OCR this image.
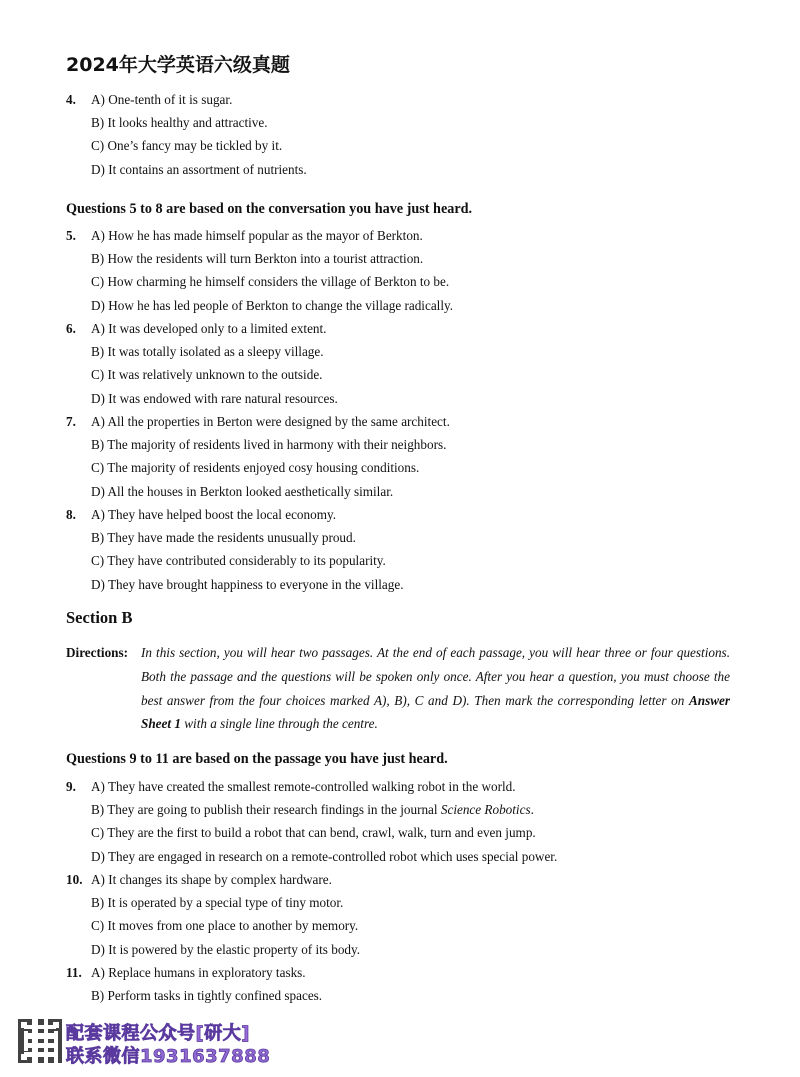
2024年大学英语六级真题
4. A) One-tenth of it is sugar.
B) It looks healthy and attractive.
C) One’s fancy may be tickled by it.
D) It contains an assortment of nutrients.
Questions 5 to 8 are based on the conversation you have just heard.
5. A) How he has made himself popular as the mayor of Berkton.
B) How the residents will turn Berkton into a tourist attraction.
C) How charming he himself considers the village of Berkton to be.
D) How he has led people of Berkton to change the village radically.
6. A) It was developed only to a limited extent.
B) It was totally isolated as a sleepy village.
C) It was relatively unknown to the outside.
D) It was endowed with rare natural resources.
7. A) All the properties in Berton were designed by the same architect.
B) The majority of residents lived in harmony with their neighbors.
C) The majority of residents enjoyed cosy housing conditions.
D) All the houses in Berkton looked aesthetically similar.
8. A) They have helped boost the local economy.
B) They have made the residents unusually proud.
C) They have contributed considerably to its popularity.
D) They have brought happiness to everyone in the village.
Section B
Directions: In this section, you will hear two passages. At the end of each passage, you will hear three or four questions. Both the passage and the questions will be spoken only once. After you hear a question, you must choose the best answer from the four choices marked A), B), C and D). Then mark the corresponding letter on Answer Sheet 1 with a single line through the centre.
Questions 9 to 11 are based on the passage you have just heard.
9. A) They have created the smallest remote-controlled walking robot in the world.
B) They are going to publish their research findings in the journal Science Robotics.
C) They are the first to build a robot that can bend, crawl, walk, turn and even jump.
D) They are engaged in research on a remote-controlled robot which uses special power.
10. A) It changes its shape by complex hardware.
B) It is operated by a special type of tiny motor.
C) It moves from one place to another by memory.
D) It is powered by the elastic property of its body.
11. A) Replace humans in exploratory tasks.
B) Perform tasks in tightly confined spaces.
配套课程公众号[研大]
联系微信1931637888
